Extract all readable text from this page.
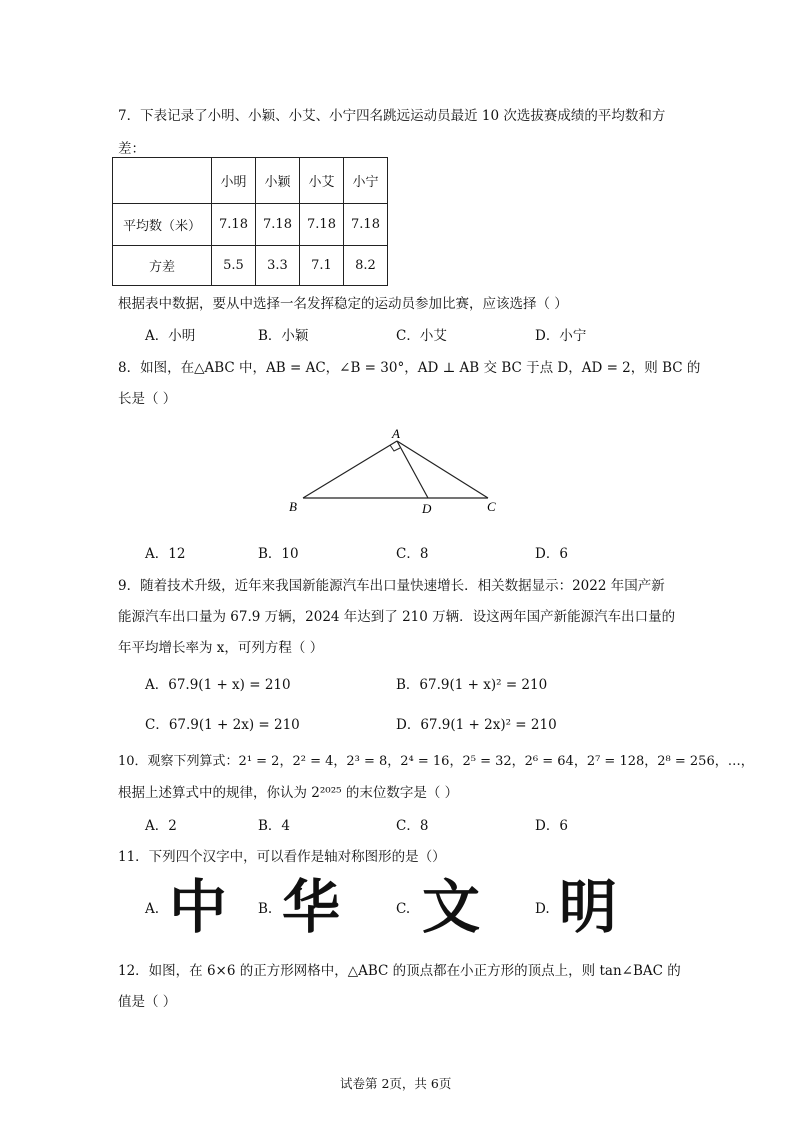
7．下表记录了小明、小颖、小艾、小宁四名跳远运动员最近 10 次选拔赛成绩的平均数和方
差：
	小明	小颖	小艾	小宁
平均数（米）	7.18	7.18	7.18	7.18
方差	5.5	3.3	7.1	8.2
根据表中数据，要从中选择一名发挥稳定的运动员参加比赛，应该选择（ ）
A．小明	B．小颖	C．小艾	D．小宁
8．如图，在△ABC 中，AB = AC，∠B = 30°，AD ⊥ AB 交 BC 于点 D，AD = 2，则 BC 的
长是（ ）
A
B	C
D
A．12	B．10	C．8	D．6
9．随着技术升级，近年来我国新能源汽车出口量快速增长．相关数据显示：2022 年国产新
能源汽车出口量为 67.9 万辆，2024 年达到了 210 万辆．设这两年国产新能源汽车出口量的
年平均增长率为 x，可列方程（ ）
A．67.9(1 + x) = 210	B．67.9(1 + x)² = 210
C．67.9(1 + 2x) = 210	D．67.9(1 + 2x)² = 210
10．观察下列算式：2¹ = 2，2² = 4，2³ = 8，2⁴ = 16，2⁵ = 32，2⁶ = 64，2⁷ = 128，2⁸ = 256，…，
根据上述算式中的规律，你认为 2²⁰²⁵ 的末位数字是（ ）
A．2	B．4	C．8	D．6
11．下列四个汉字中，可以看作是轴对称图形的是（）
A. 中 B. 华	C. 文	D. 明
12．如图，在 6×6 的正方形网格中，△ABC 的顶点都在小正方形的顶点上，则 tan∠BAC 的
值是（ ）
试卷第 2页，共 6页
